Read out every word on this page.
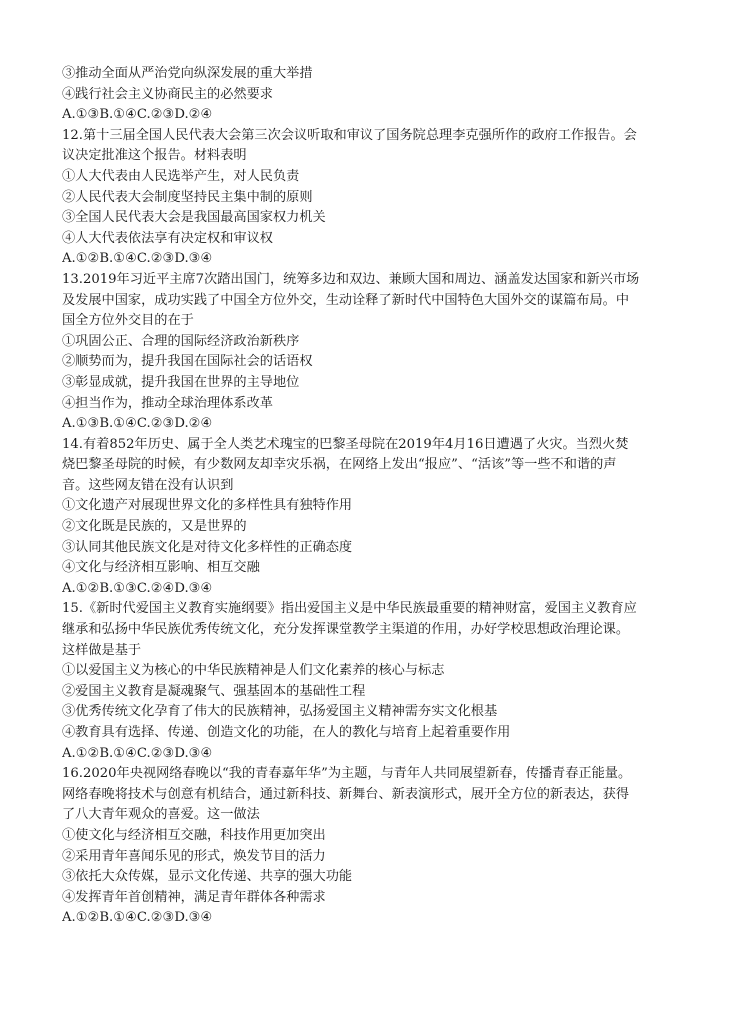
③推动全面从严治党向纵深发展的重大举措
④践行社会主义协商民主的必然要求
A.①③B.①④C.②③D.②④
12.第十三届全国人民代表大会第三次会议听取和审议了国务院总理李克强所作的政府工作报告。会
议决定批准这个报告。材料表明
①人大代表由人民选举产生，对人民负责
②人民代表大会制度坚持民主集中制的原则
③全国人民代表大会是我国最高国家权力机关
④人大代表依法享有决定权和审议权
A.①②B.①④C.②③D.③④
13.2019年习近平主席7次踏出国门，统筹多边和双边、兼顾大国和周边、涵盖发达国家和新兴市场
及发展中国家，成功实践了中国全方位外交，生动诠释了新时代中国特色大国外交的谋篇布局。中
国全方位外交目的在于
①巩固公正、合理的国际经济政治新秩序
②顺势而为，提升我国在国际社会的话语权
③彰显成就，提升我国在世界的主导地位
④担当作为，推动全球治理体系改革
A.①③B.①④C.②③D.②④
14.有着852年历史、属于全人类艺术瑰宝的巴黎圣母院在2019年4月16日遭遇了火灾。当烈火焚
烧巴黎圣母院的时候，有少数网友却幸灾乐祸，在网络上发出“报应”、“活该”等一些不和谐的声
音。这些网友错在没有认识到
①文化遗产对展现世界文化的多样性具有独特作用
②文化既是民族的，又是世界的
③认同其他民族文化是对待文化多样性的正确态度
④文化与经济相互影响、相互交融
A.①②B.①③C.②④D.③④
15.《新时代爱国主义教育实施纲要》指出爱国主义是中华民族最重要的精神财富，爱国主义教育应
继承和弘扬中华民族优秀传统文化，充分发挥课堂教学主渠道的作用，办好学校思想政治理论课。
这样做是基于
①以爱国主义为核心的中华民族精神是人们文化素养的核心与标志
②爱国主义教育是凝魂聚气、强基固本的基础性工程
③优秀传统文化孕育了伟大的民族精神，弘扬爱国主义精神需夯实文化根基
④教育具有选择、传递、创造文化的功能，在人的教化与培育上起着重要作用
A.①②B.①④C.②③D.③④
16.2020年央视网络春晚以“我的青春嘉年华”为主题，与青年人共同展望新春，传播青春正能量。
网络春晚将技术与创意有机结合，通过新科技、新舞台、新表演形式，展开全方位的新表达，获得
了八大青年观众的喜爱。这一做法
①使文化与经济相互交融，科技作用更加突出
②采用青年喜闻乐见的形式，焕发节目的活力
③依托大众传媒，显示文化传递、共享的强大功能
④发挥青年首创精神，满足青年群体各种需求
A.①②B.①④C.②③D.③④
